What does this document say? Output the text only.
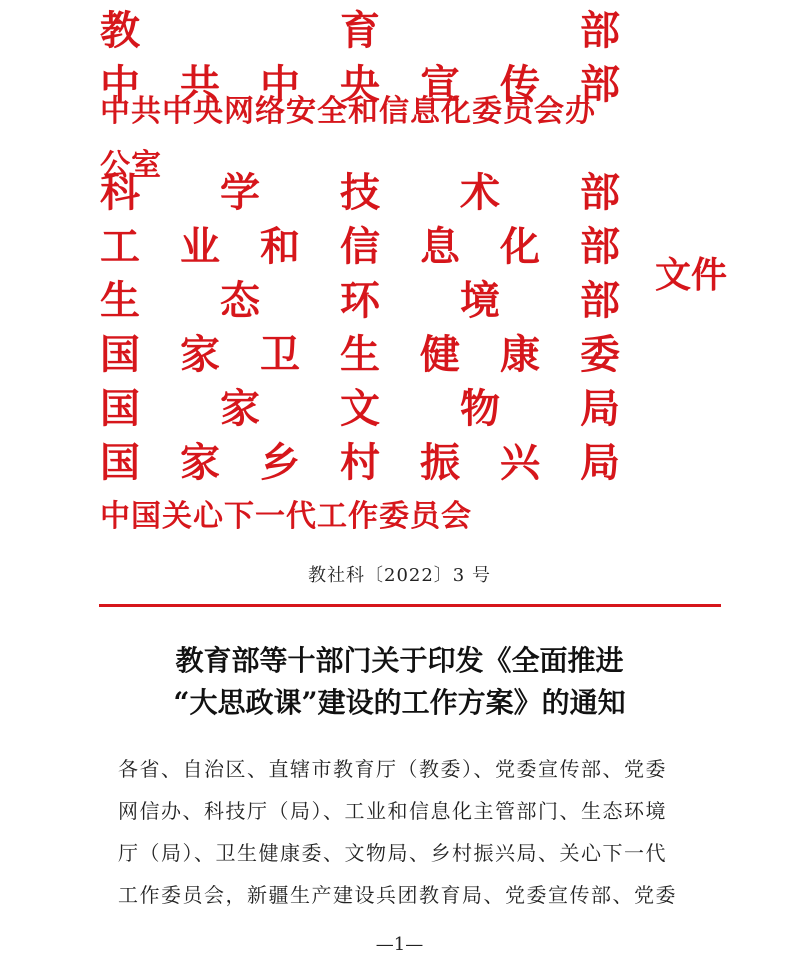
教	育	部
中 共 中 央 宣 传 部
中共中央网络安全和信息化委员会办公室
科 学 技 术 部
工 业 和 信 息 化 部
生 态 环 境 部
国 家 卫 生 健 康 委
国 家 文 物 局
国 家 乡 村 振 兴 局
中国关心下一代工作委员会
文件
教社科〔2022〕3 号
教育部等十部门关于印发《全面推进
“大思政课”建设的工作方案》的通知
各省、自治区、直辖市教育厅（教委）、党委宣传部、党委
网信办、科技厅（局）、工业和信息化主管部门、生态环境
厅（局）、卫生健康委、文物局、乡村振兴局、关心下一代
工作委员会，新疆生产建设兵团教育局、党委宣传部、党委
—1—
